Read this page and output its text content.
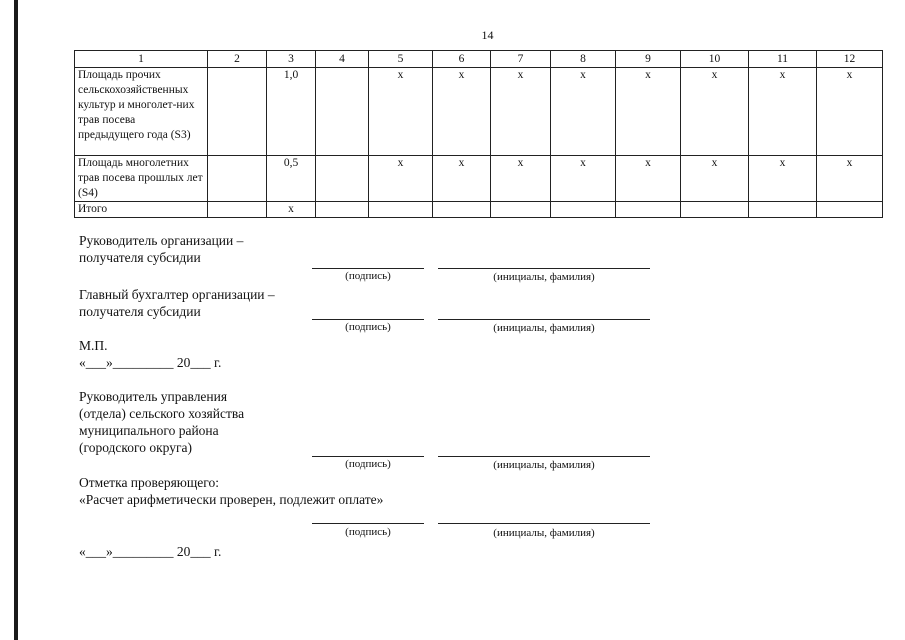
14
1	2	3	4	5	6	7	8	9	10	11	12
Площадь прочих сельскохозяйственных культур и многолет-них трав посева предыдущего года (S3)		1,0		x	x	x	x	x	x	x	x
Площадь многолетних трав посева прошлых лет (S4)		0,5		x	x	x	x	x	x	x	x
Итого		x									
Руководитель организации –
получателя субсидии
(подпись)	(инициалы, фамилия)
Главный бухгалтер организации –
получателя субсидии
(подпись)	(инициалы, фамилия)
М.П.
«___»_________ 20___ г.
Руководитель управления
(отдела) сельского хозяйства
муниципального района
(городского округа)
(подпись)	(инициалы, фамилия)
Отметка проверяющего:
«Расчет арифметически проверен, подлежит оплате»
(подпись)	(инициалы, фамилия)
«___»_________ 20___ г.
